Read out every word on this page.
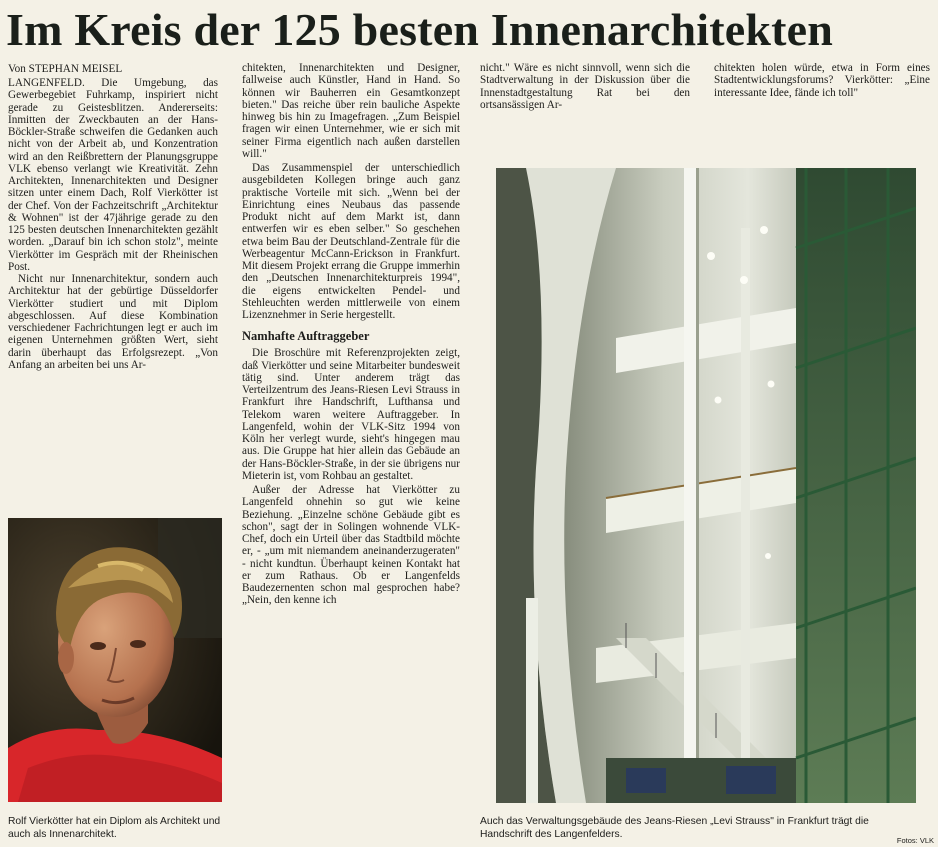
Im Kreis der 125 besten Innenarchitekten
Von STEPHAN MEISEL

LANGENFELD. Die Umgebung, das Gewerbegebiet Fuhrkamp, inspiriert nicht gerade zu Geistesblitzen. Andererseits: Inmitten der Zweckbauten an der Hans-Böckler-Straße schweifen die Gedanken auch nicht von der Arbeit ab, und Konzentration wird an den Reißbrettern der Planungsgruppe VLK ebenso verlangt wie Kreativität. Zehn Architekten, Innenarchitekten und Designer sitzen unter einem Dach, Rolf Vierkötter ist der Chef. Von der Fachzeitschrift „Architektur & Wohnen" ist der 47jährige gerade zu den 125 besten deutschen Innenarchitekten gezählt worden. „Darauf bin ich schon stolz", meinte Vierkötter im Gespräch mit der Rheinischen Post.

Nicht nur Innenarchitektur, sondern auch Architektur hat der gebürtige Düsseldorfer Vierkötter studiert und mit Diplom abgeschlossen. Auf diese Kombination verschiedener Fachrichtungen legt er auch im eigenen Unternehmen größten Wert, sieht darin überhaupt das Erfolgsrezept. „Von Anfang an arbeiten bei uns Ar-

chitekten, Innenarchitekten und Designer, fallweise auch Künstler, Hand in Hand. So können wir Bauherren ein Gesamtkonzept bieten." Das reiche über rein bauliche Aspekte hinweg bis hin zu Imagefragen. „Zum Beispiel fragen wir einen Unternehmer, wie er sich mit seiner Firma eigentlich nach außen darstellen will."

Das Zusammenspiel der unterschiedlich ausgebildeten Kollegen bringe auch ganz praktische Vorteile mit sich. „Wenn bei der Einrichtung eines Neubaus das passende Produkt nicht auf dem Markt ist, dann entwerfen wir es eben selber." So geschehen etwa beim Bau der Deutschland-Zentrale für die Werbeagentur McCann-Erickson in Frankfurt. Mit diesem Projekt errang die Gruppe immerhin den „Deutschen Innenarchitekturpreis 1994", die eigens entwickelten Pendel- und Stehleuchten werden mittlerweile von einem Lizenznehmer in Serie hergestellt.

Namhafte Auftraggeber

Die Broschüre mit Referenzprojekten zeigt, daß Vierkötter und seine Mitarbeiter bundesweit tätig sind. Unter anderem trägt das Verteilzentrum des Jeans-Riesen Levi Strauss in Frankfurt ihre Handschrift, Lufthansa und Telekom waren weitere Auftraggeber. In Langenfeld, wohin der VLK-Sitz 1994 von Köln her verlegt wurde, sieht's hingegen mau aus. Die Gruppe hat hier allein das Gebäude an der Hans-Böckler-Straße, in der sie übrigens nur Mieterin ist, vom Rohbau an gestaltet.

Außer der Adresse hat Vierkötter zu Langenfeld ohnehin so gut wie keine Beziehung. „Einzelne schöne Gebäude gibt es schon", sagt der in Solingen wohnende VLK-Chef, doch ein Urteil über das Stadtbild möchte er, - „um mit niemandem aneinanderzugeraten" - nicht kundtun. Überhaupt keinen Kontakt hat er zum Rathaus. Ob er Langenfelds Baudezernenten schon mal gesprochen habe? „Nein, den kenne ich

nicht." Wäre es nicht sinnvoll, wenn sich die Stadtverwaltung in der Diskussion über die Innenstadtgestaltung Rat bei den ortsansässigen Ar-

chitekten holen würde, etwa in Form eines Stadtentwicklungsforums? Vierkötter: „Eine interessante Idee, fände ich toll"

Rolf Vierkötter hat ein Diplom als Architekt und auch als Innenarchitekt.
Auch das Verwaltungsgebäude des Jeans-Riesen „Levi Strauss" in Frankfurt trägt die Handschrift des Langenfelders.
Fotos: VLK
